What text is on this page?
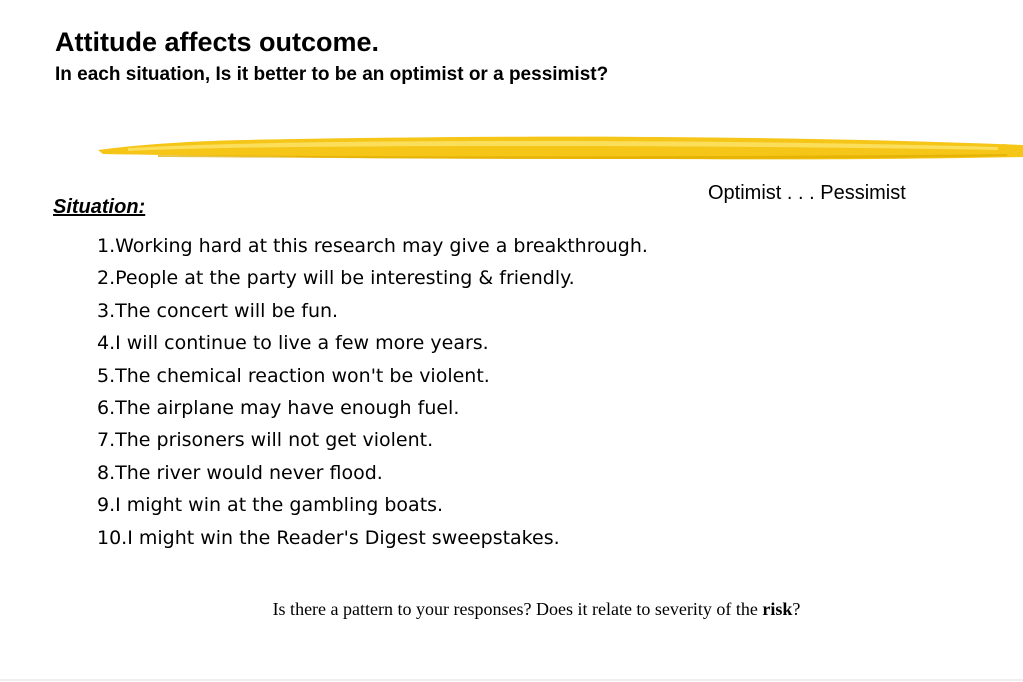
Attitude affects outcome.
In each situation, Is it better to be an optimist or a pessimist?
Optimist . . . Pessimist
Situation:
1.Working hard at this research may give a breakthrough.
2.People at the party will be interesting & friendly.
3.The concert will be fun.
4.I will continue to live a few more years.
5.The chemical reaction won't be violent.
6.The airplane may have enough fuel.
7.The prisoners will not get violent.
8.The river would never flood.
9.I might win at the gambling boats.
10.I might win the Reader's Digest sweepstakes.
Is there a pattern to your responses? Does it relate to severity of the risk?
